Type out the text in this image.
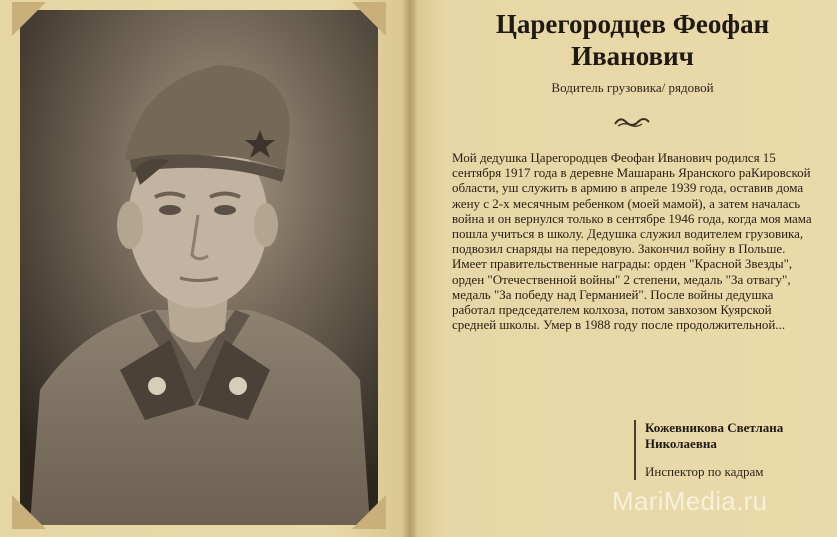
Царегородцев Феофан Иванович
Водитель грузовика/ рядовой
Мой дедушка Царегородцев Феофан Иванович родился 15 сентября 1917 года в деревне Машарань Яранского раКировской области, уш служить в армию в апреле 1939 года, оставив дома жену с 2-х месячным ребенком (моей мамой), а затем началась война и он вернулся только в сентябре 1946 года, когда моя мама пошла учиться в школу. Дедушка служил водителем грузовика, подвозил снаряды на передовую. Закончил войну в Польше. Имеет правительственные награды: орден "Красной Звезды", орден "Отечественной войны" 2 степени, медаль "За отвагу", медаль "За победу над Германией". После войны дедушка работал председателем колхоза, потом завхозом Куярской средней школы. Умер в 1988 году после продолжительной...
Кожевникова Светлана Николаевна
Инспектор по кадрам
MariMedia.ru
